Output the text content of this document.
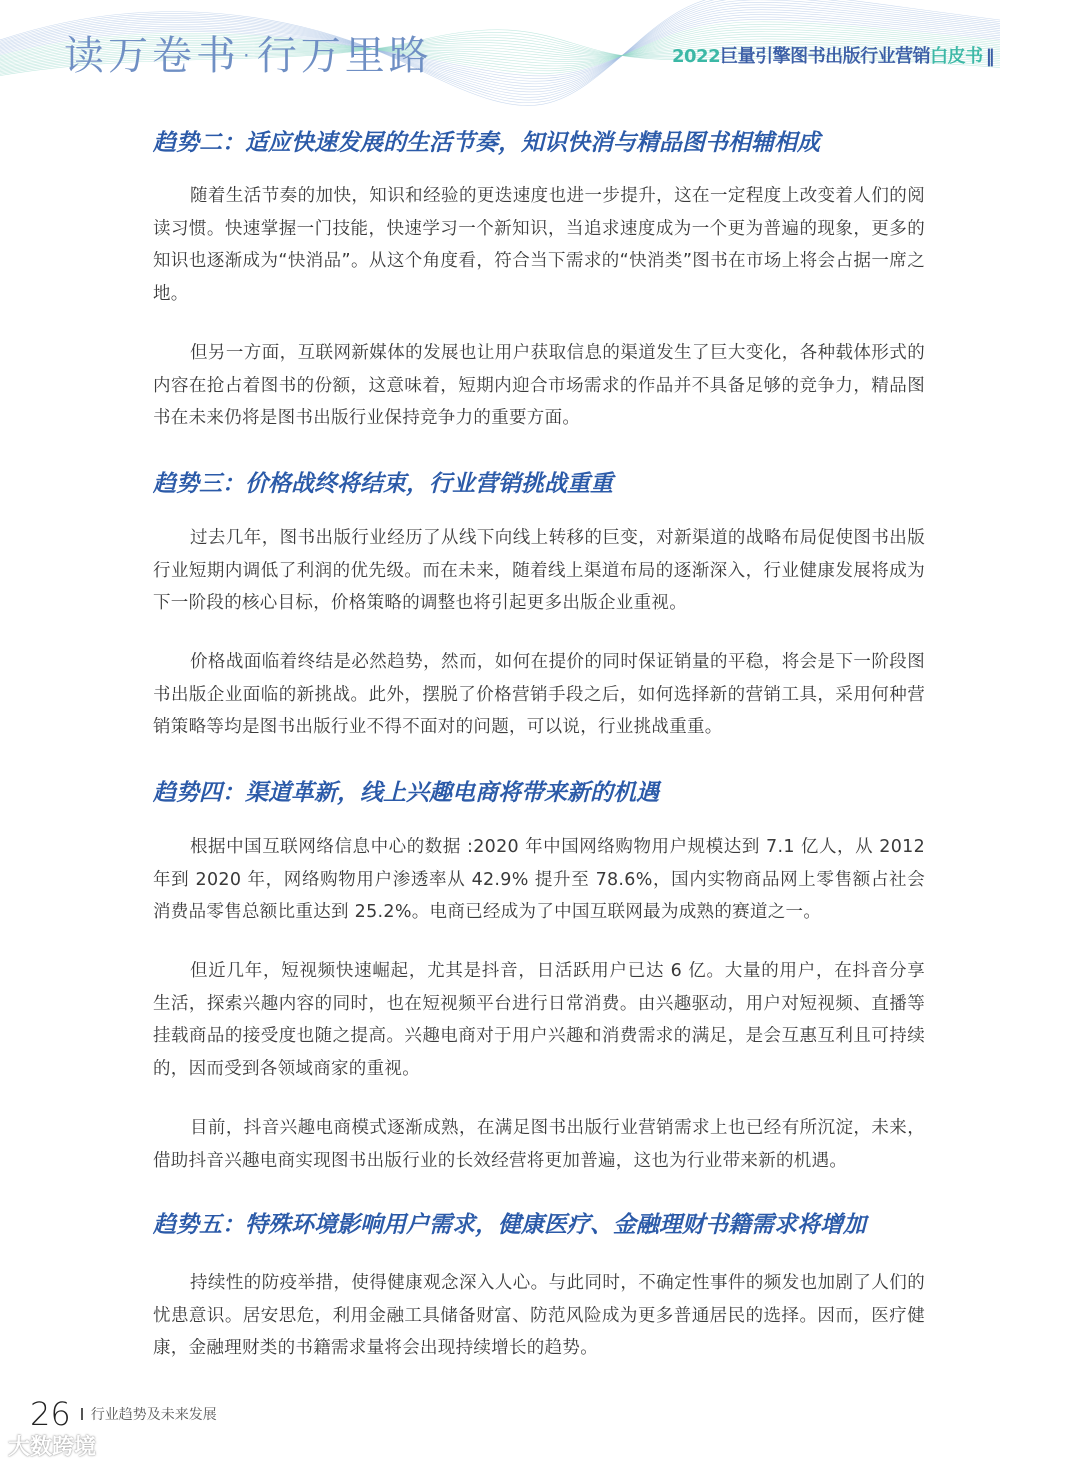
读万卷书·行万里路	2022巨量引擎图书出版行业营销白皮书 ‖
趋势二：适应快速发展的生活节奏，知识快消与精品图书相辅相成

随着生活节奏的加快，知识和经验的更迭速度也进一步提升，这在一定程度上改变着人们的阅读习惯。快速掌握一门技能，快速学习一个新知识，当追求速度成为一个更为普遍的现象，更多的知识也逐渐成为“快消品”。从这个角度看，符合当下需求的“快消类”图书在市场上将会占据一席之地。

但另一方面，互联网新媒体的发展也让用户获取信息的渠道发生了巨大变化，各种载体形式的内容在抢占着图书的份额，这意味着，短期内迎合市场需求的作品并不具备足够的竞争力，精品图书在未来仍将是图书出版行业保持竞争力的重要方面。

趋势三：价格战终将结束，行业营销挑战重重

过去几年，图书出版行业经历了从线下向线上转移的巨变，对新渠道的战略布局促使图书出版行业短期内调低了利润的优先级。而在未来，随着线上渠道布局的逐渐深入，行业健康发展将成为下一阶段的核心目标，价格策略的调整也将引起更多出版企业重视。

价格战面临着终结是必然趋势，然而，如何在提价的同时保证销量的平稳，将会是下一阶段图书出版企业面临的新挑战。此外，摆脱了价格营销手段之后，如何选择新的营销工具，采用何种营销策略等均是图书出版行业不得不面对的问题，可以说，行业挑战重重。

趋势四：渠道革新，线上兴趣电商将带来新的机遇

根据中国互联网络信息中心的数据 :2020 年中国网络购物用户规模达到 7.1 亿人，从 2012 年到 2020 年，网络购物用户渗透率从 42.9% 提升至 78.6%，国内实物商品网上零售额占社会消费品零售总额比重达到 25.2%。电商已经成为了中国互联网最为成熟的赛道之一。

但近几年，短视频快速崛起，尤其是抖音，日活跃用户已达 6 亿。大量的用户，在抖音分享生活，探索兴趣内容的同时，也在短视频平台进行日常消费。由兴趣驱动，用户对短视频、直播等挂载商品的接受度也随之提高。兴趣电商对于用户兴趣和消费需求的满足，是会互惠互利且可持续的，因而受到各领域商家的重视。

目前，抖音兴趣电商模式逐渐成熟，在满足图书出版行业营销需求上也已经有所沉淀，未来，借助抖音兴趣电商实现图书出版行业的长效经营将更加普遍，这也为行业带来新的机遇。

趋势五：特殊环境影响用户需求，健康医疗、金融理财书籍需求将增加

持续性的防疫举措，使得健康观念深入人心。与此同时，不确定性事件的频发也加剧了人们的忧患意识。居安思危，利用金融工具储备财富、防范风险成为更多普通居民的选择。因而，医疗健康，金融理财类的书籍需求量将会出现持续增长的趋势。

26 行业趋势及未来发展
大数跨境
